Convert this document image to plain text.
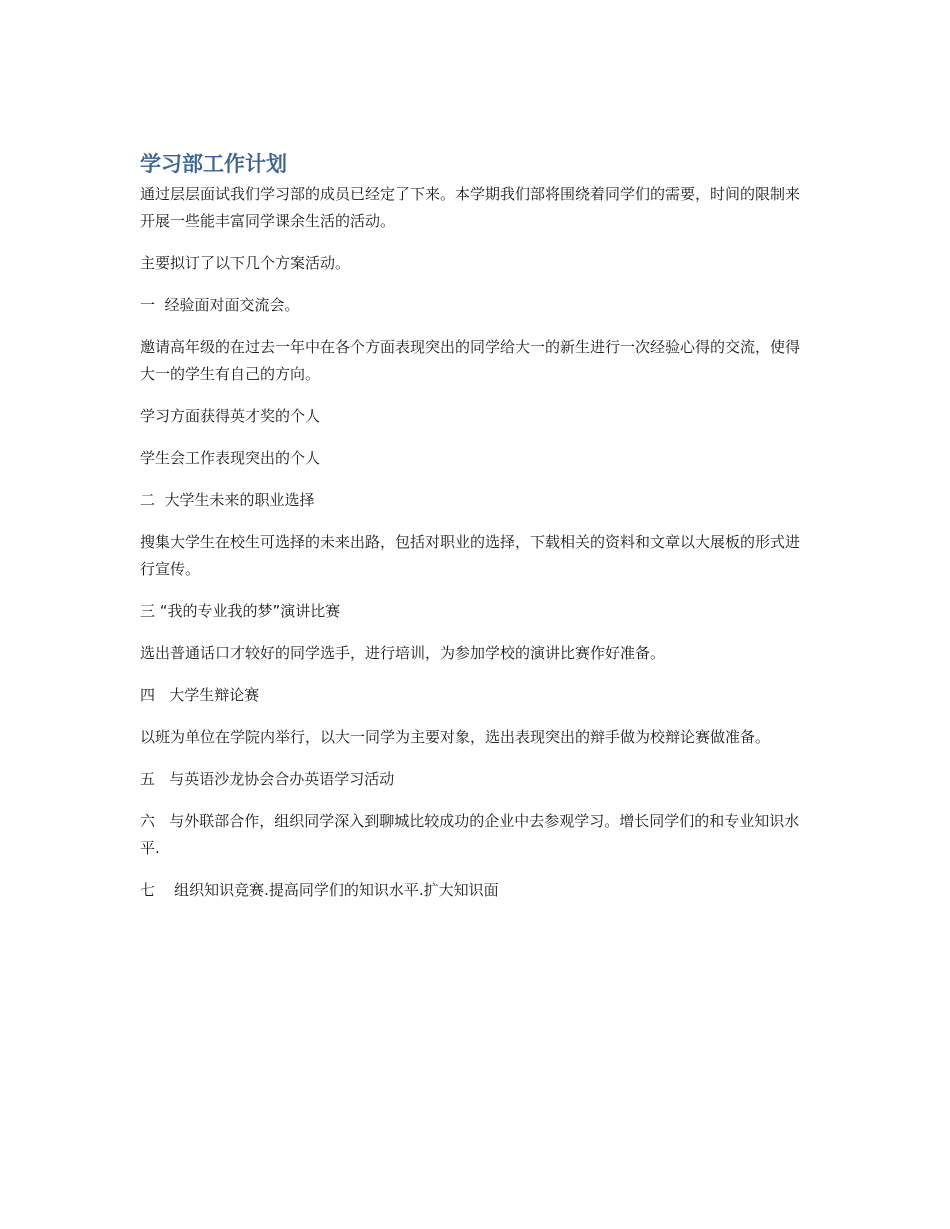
学习部工作计划

通过层层面试我们学习部的成员已经定了下来。本学期我们部将围绕着同学们的需要，时间的限制来开展一些能丰富同学课余生活的活动。

主要拟订了以下几个方案活动。

一  经验面对面交流会。

邀请高年级的在过去一年中在各个方面表现突出的同学给大一的新生进行一次经验心得的交流，使得大一的学生有自己的方向。

学习方面获得英才奖的个人

学生会工作表现突出的个人

二  大学生未来的职业选择

搜集大学生在校生可选择的未来出路，包括对职业的选择，下载相关的资料和文章以大展板的形式进行宣传。

三 “我的专业我的梦”演讲比赛

选出普通话口才较好的同学选手，进行培训，为参加学校的演讲比赛作好准备。

四   大学生辩论赛

以班为单位在学院内举行，以大一同学为主要对象，选出表现突出的辩手做为校辩论赛做准备。

五   与英语沙龙协会合办英语学习活动

六   与外联部合作，组织同学深入到聊城比较成功的企业中去参观学习。增长同学们的和专业知识水平.

七    组织知识竞赛.提高同学们的知识水平.扩大知识面
